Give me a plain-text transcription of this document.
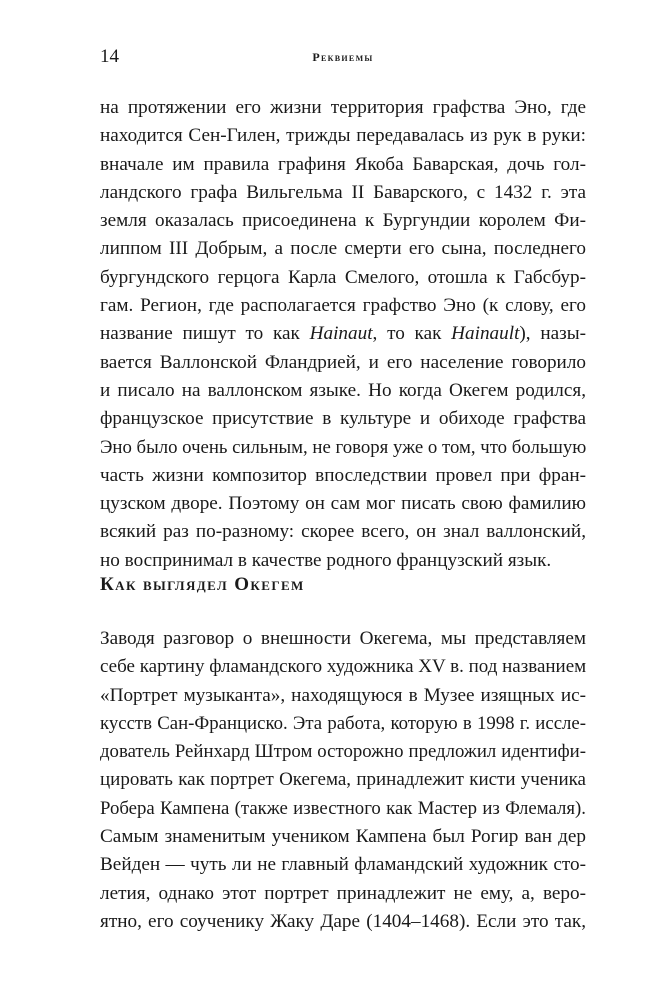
14	Реквиемы
на протяжении его жизни территория графства Эно, где
находится Сен-Гилен, трижды передавалась из рук в руки:
вначале им правила графиня Якоба Баварская, дочь гол-
ландского графа Вильгельма II Баварского, с 1432 г. эта
земля оказалась присоединена к Бургундии королем Фи-
липпом III Добрым, а после смерти его сына, последнего
бургундского герцога Карла Смелого, отошла к Габсбур-
гам. Регион, где располагается графство Эно (к слову, его
название пишут то как Hainaut, то как Hainault), назы-
вается Валлонской Фландрией, и его население говорило
и писало на валлонском языке. Но когда Окегем родился,
французское присутствие в культуре и обиходе графства
Эно было очень сильным, не говоря уже о том, что большую
часть жизни композитор впоследствии провел при фран-
цузском дворе. Поэтому он сам мог писать свою фамилию
всякий раз по-разному: скорее всего, он знал валлонский,
но воспринимал в качестве родного французский язык.
Как выглядел Окегем
Заводя разговор о внешности Окегема, мы представляем
себе картину фламандского художника XV в. под названием
«Портрет музыканта», находящуюся в Музее изящных ис-
кусств Сан-Франциско. Эта работа, которую в 1998 г. иссле-
дователь Рейнхард Штром осторожно предложил идентифи-
цировать как портрет Окегема, принадлежит кисти ученика
Робера Кампена (также известного как Мастер из Флемаля).
Самым знаменитым учеником Кампена был Рогир ван дер
Вейден — чуть ли не главный фламандский художник сто-
летия, однако этот портрет принадлежит не ему, а, веро-
ятно, его соученику Жаку Даре (1404–1468). Если это так,
